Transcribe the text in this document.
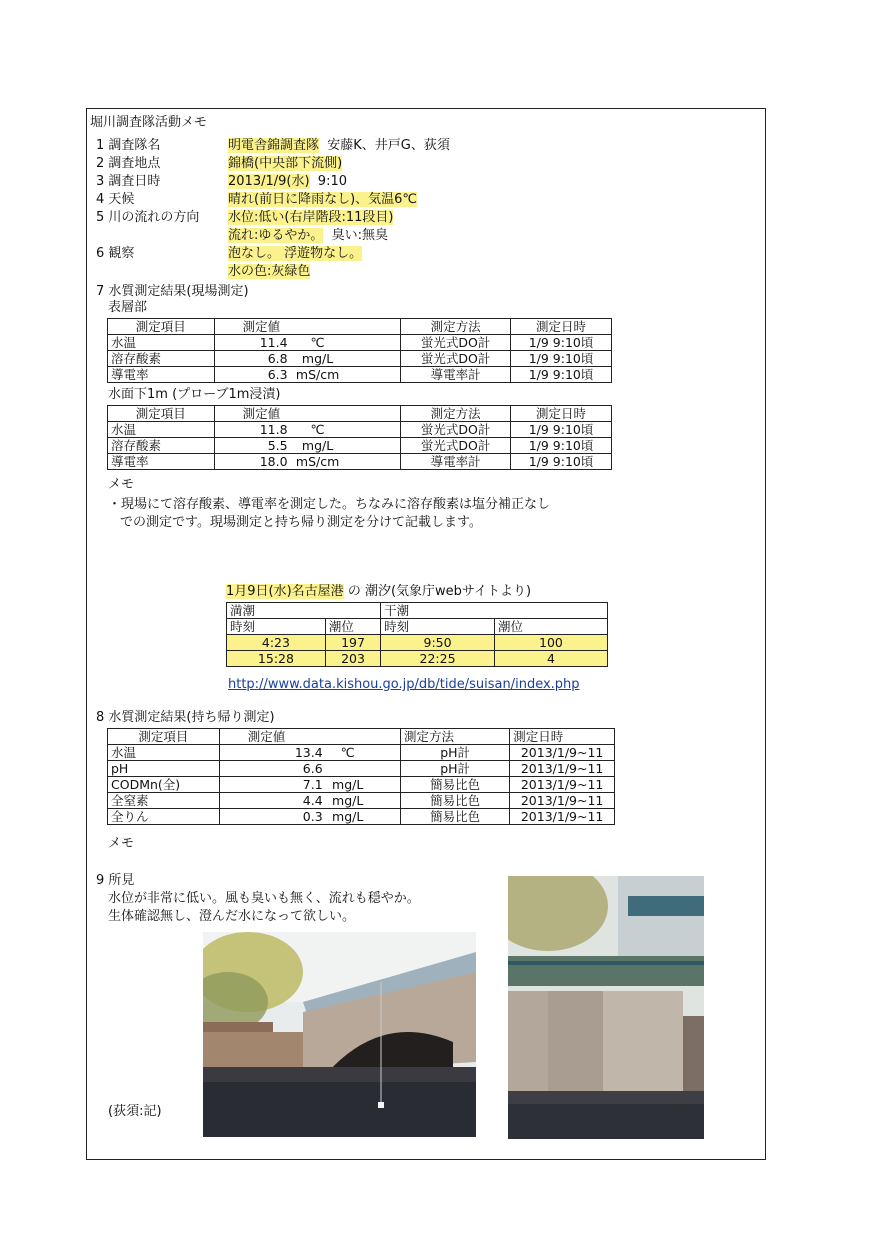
堀川調査隊活動メモ
1 調査隊名	明電舎錦調査隊 安藤K、井戸G、荻須
2 調査地点	錦橋(中央部下流側)
3 調査日時	2013/1/9(水) 9:10
4 天候	晴れ(前日に降雨なし)、気温6℃
5 川の流れの方向 水位:低い(右岸階段:11段目)
流れ:ゆるやか。 臭い:無臭
6 観察	泡なし。 浮遊物なし。
水の色:灰緑色
7 水質測定結果(現場測定)
表層部
測定項目	測定値	測定方法	測定日時
水温	11.4 ℃	蛍光式DO計	1/9 9:10頃
溶存酸素	6.8 mg/L	蛍光式DO計	1/9 9:10頃
導電率	6.3 mS/cm	導電率計	1/9 9:10頃
水面下1m (プローブ1m浸漬)
測定項目	測定値	測定方法	測定日時
水温	11.8 ℃	蛍光式DO計	1/9 9:10頃
溶存酸素	5.5 mg/L	蛍光式DO計	1/9 9:10頃
導電率	18.0 mS/cm	導電率計	1/9 9:10頃
メモ
・現場にて溶存酸素、導電率を測定した。ちなみに溶存酸素は塩分補正なし
での測定です。現場測定と持ち帰り測定を分けて記載します。
1月9日(水)名古屋港 の 潮汐(気象庁webサイトより)
満潮		干潮	
時刻	潮位	時刻	潮位
4:23	197	9:50	100
15:28	203	22:25	4
http://www.data.kishou.go.jp/db/tide/suisan/index.php
8 水質測定結果(持ち帰り測定)
測定項目	測定値	測定方法	測定日時
水温	13.4 ℃	pH計	2013/1/9~11
pH	6.6	pH計	2013/1/9~11
CODMn(全)	7.1 mg/L	簡易比色	2013/1/9~11
全窒素	4.4 mg/L	簡易比色	2013/1/9~11
全りん	0.3 mg/L	簡易比色	2013/1/9~11
メモ
9 所見
水位が非常に低い。風も臭いも無く、流れも穏やか。
生体確認無し、澄んだ水になって欲しい。
(荻須:記)
